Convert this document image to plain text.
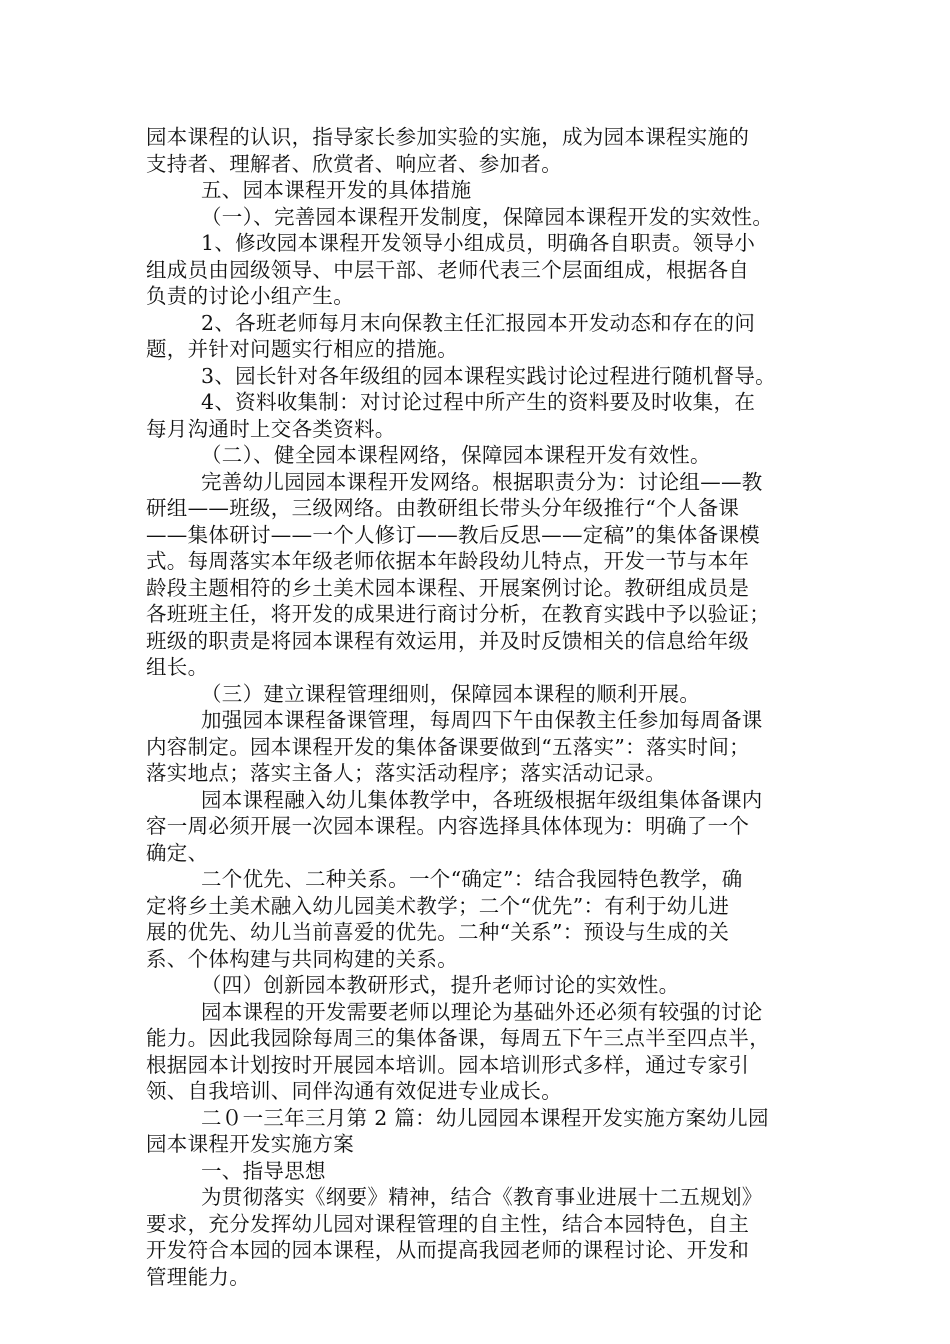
园本课程的认识，指导家长参加实验的实施，成为园本课程实施的
支持者、理解者、欣赏者、响应者、参加者。
五、园本课程开发的具体措施
（一）、完善园本课程开发制度，保障园本课程开发的实效性。
1、修改园本课程开发领导小组成员，明确各自职责。领导小
组成员由园级领导、中层干部、老师代表三个层面组成，根据各自
负责的讨论小组产生。
2、各班老师每月末向保教主任汇报园本开发动态和存在的问
题，并针对问题实行相应的措施。
3、园长针对各年级组的园本课程实践讨论过程进行随机督导。
4、资料收集制：对讨论过程中所产生的资料要及时收集，在
每月沟通时上交各类资料。
（二）、健全园本课程网络，保障园本课程开发有效性。
完善幼儿园园本课程开发网络。根据职责分为：讨论组——教
研组——班级，三级网络。由教研组长带头分年级推行“个人备课
——集体研讨——一个人修订——教后反思——定稿”的集体备课模
式。每周落实本年级老师依据本年龄段幼儿特点，开发一节与本年
龄段主题相符的乡土美术园本课程、开展案例讨论。教研组成员是
各班班主任，将开发的成果进行商讨分析，在教育实践中予以验证；
班级的职责是将园本课程有效运用，并及时反馈相关的信息给年级
组长。
（三）建立课程管理细则，保障园本课程的顺利开展。
加强园本课程备课管理，每周四下午由保教主任参加每周备课
内容制定。园本课程开发的集体备课要做到“五落实”：落实时间；
落实地点；落实主备人；落实活动程序；落实活动记录。
园本课程融入幼儿集体教学中，各班级根据年级组集体备课内
容一周必须开展一次园本课程。内容选择具体体现为：明确了一个
确定、
二个优先、二种关系。一个“确定”：结合我园特色教学，确
定将乡土美术融入幼儿园美术教学；二个“优先”：有利于幼儿进
展的优先、幼儿当前喜爱的优先。二种“关系”：预设与生成的关
系、个体构建与共同构建的关系。
（四）创新园本教研形式，提升老师讨论的实效性。
园本课程的开发需要老师以理论为基础外还必须有较强的讨论
能力。因此我园除每周三的集体备课，每周五下午三点半至四点半，
根据园本计划按时开展园本培训。园本培训形式多样，通过专家引
领、自我培训、同伴沟通有效促进专业成长。
二０一三年三月第 2 篇：幼儿园园本课程开发实施方案幼儿园
园本课程开发实施方案
一、指导思想
为贯彻落实《纲要》精神，结合《教育事业进展十二五规划》
要求，充分发挥幼儿园对课程管理的自主性，结合本园特色，自主
开发符合本园的园本课程，从而提高我园老师的课程讨论、开发和
管理能力。
